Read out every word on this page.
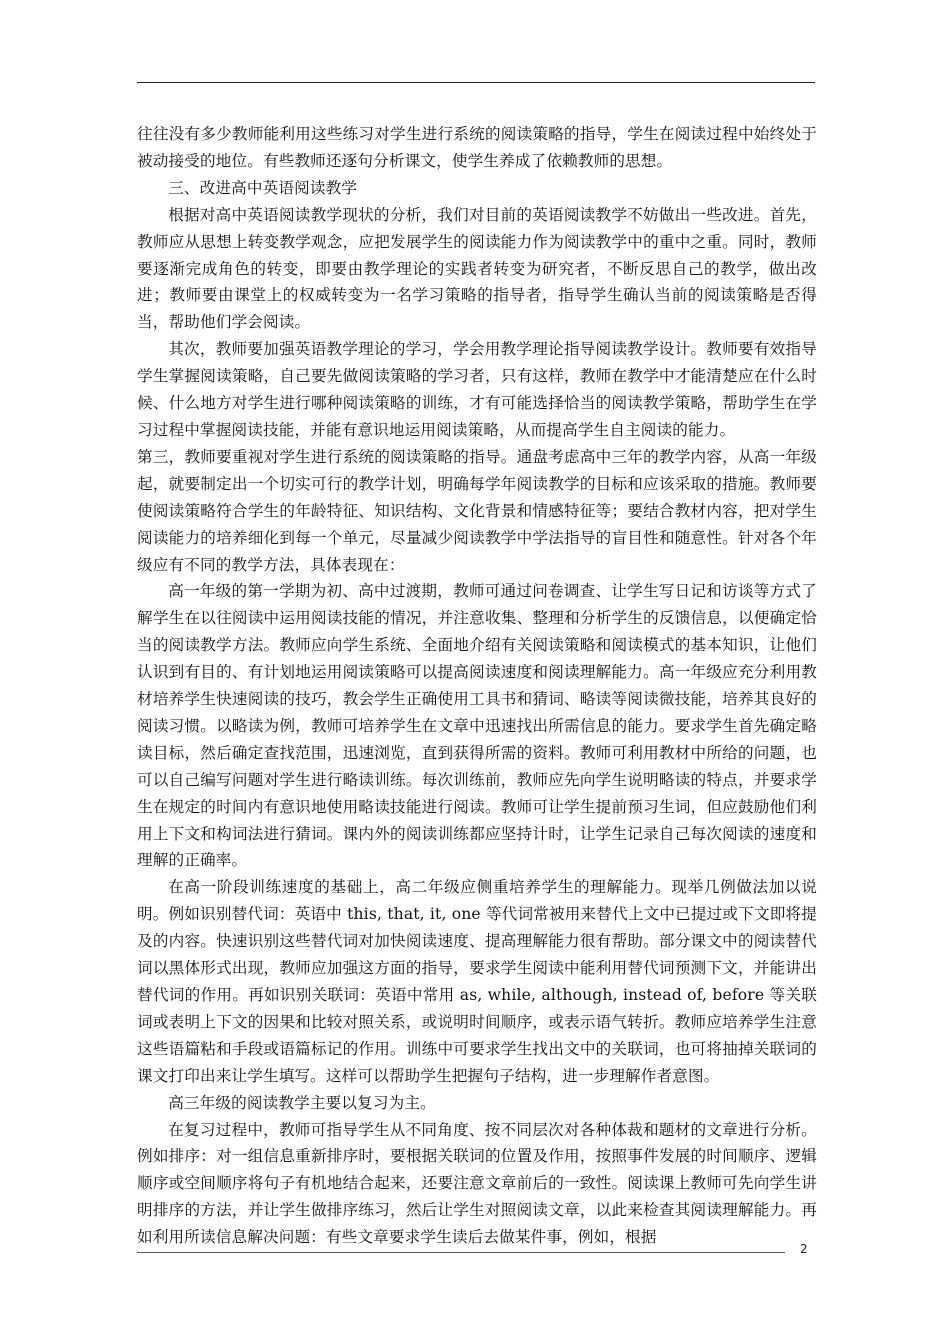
往往没有多少教师能利用这些练习对学生进行系统的阅读策略的指导，学生在阅读过程中始终处于被动接受的地位。有些教师还逐句分析课文，使学生养成了依赖教师的思想。

三、改进高中英语阅读教学

根据对高中英语阅读教学现状的分析，我们对目前的英语阅读教学不妨做出一些改进。首先，教师应从思想上转变教学观念，应把发展学生的阅读能力作为阅读教学中的重中之重。同时，教师要逐渐完成角色的转变，即要由教学理论的实践者转变为研究者，不断反思自己的教学，做出改进；教师要由课堂上的权威转变为一名学习策略的指导者，指导学生确认当前的阅读策略是否得当，帮助他们学会阅读。

其次，教师要加强英语教学理论的学习，学会用教学理论指导阅读教学设计。教师要有效指导学生掌握阅读策略，自己要先做阅读策略的学习者，只有这样，教师在教学中才能清楚应在什么时候、什么地方对学生进行哪种阅读策略的训练，才有可能选择恰当的阅读教学策略，帮助学生在学习过程中掌握阅读技能，并能有意识地运用阅读策略，从而提高学生自主阅读的能力。

第三，教师要重视对学生进行系统的阅读策略的指导。通盘考虑高中三年的教学内容，从高一年级起，就要制定出一个切实可行的教学计划，明确每学年阅读教学的目标和应该采取的措施。教师要使阅读策略符合学生的年龄特征、知识结构、文化背景和情感特征等；要结合教材内容，把对学生阅读能力的培养细化到每一个单元，尽量减少阅读教学中学法指导的盲目性和随意性。针对各个年级应有不同的教学方法，具体表现在：

高一年级的第一学期为初、高中过渡期，教师可通过问卷调查、让学生写日记和访谈等方式了解学生在以往阅读中运用阅读技能的情况，并注意收集、整理和分析学生的反馈信息，以便确定恰当的阅读教学方法。教师应向学生系统、全面地介绍有关阅读策略和阅读模式的基本知识，让他们认识到有目的、有计划地运用阅读策略可以提高阅读速度和阅读理解能力。高一年级应充分利用教材培养学生快速阅读的技巧，教会学生正确使用工具书和猜词、略读等阅读微技能，培养其良好的阅读习惯。以略读为例，教师可培养学生在文章中迅速找出所需信息的能力。要求学生首先确定略读目标，然后确定查找范围，迅速浏览，直到获得所需的资料。教师可利用教材中所给的问题，也可以自己编写问题对学生进行略读训练。每次训练前，教师应先向学生说明略读的特点，并要求学生在规定的时间内有意识地使用略读技能进行阅读。教师可让学生提前预习生词，但应鼓励他们利用上下文和构词法进行猜词。课内外的阅读训练都应坚持计时，让学生记录自己每次阅读的速度和理解的正确率。

在高一阶段训练速度的基础上，高二年级应侧重培养学生的理解能力。现举几例做法加以说明。例如识别替代词：英语中 this, that, it, one 等代词常被用来替代上文中已提过或下文即将提及的内容。快速识别这些替代词对加快阅读速度、提高理解能力很有帮助。部分课文中的阅读替代词以黑体形式出现，教师应加强这方面的指导，要求学生阅读中能利用替代词预测下文，并能讲出替代词的作用。再如识别关联词：英语中常用 as, while, although, instead of, before 等关联词或表明上下文的因果和比较对照关系，或说明时间顺序，或表示语气转折。教师应培养学生注意这些语篇粘和手段或语篇标记的作用。训练中可要求学生找出文中的关联词，也可将抽掉关联词的课文打印出来让学生填写。这样可以帮助学生把握句子结构，进一步理解作者意图。

高三年级的阅读教学主要以复习为主。

在复习过程中，教师可指导学生从不同角度、按不同层次对各种体裁和题材的文章进行分析。例如排序：对一组信息重新排序时，要根据关联词的位置及作用，按照事件发展的时间顺序、逻辑顺序或空间顺序将句子有机地结合起来，还要注意文章前后的一致性。阅读课上教师可先向学生讲明排序的方法，并让学生做排序练习，然后让学生对照阅读文章，以此来检查其阅读理解能力。再如利用所读信息解决问题：有些文章要求学生读后去做某件事，例如，根据

2
